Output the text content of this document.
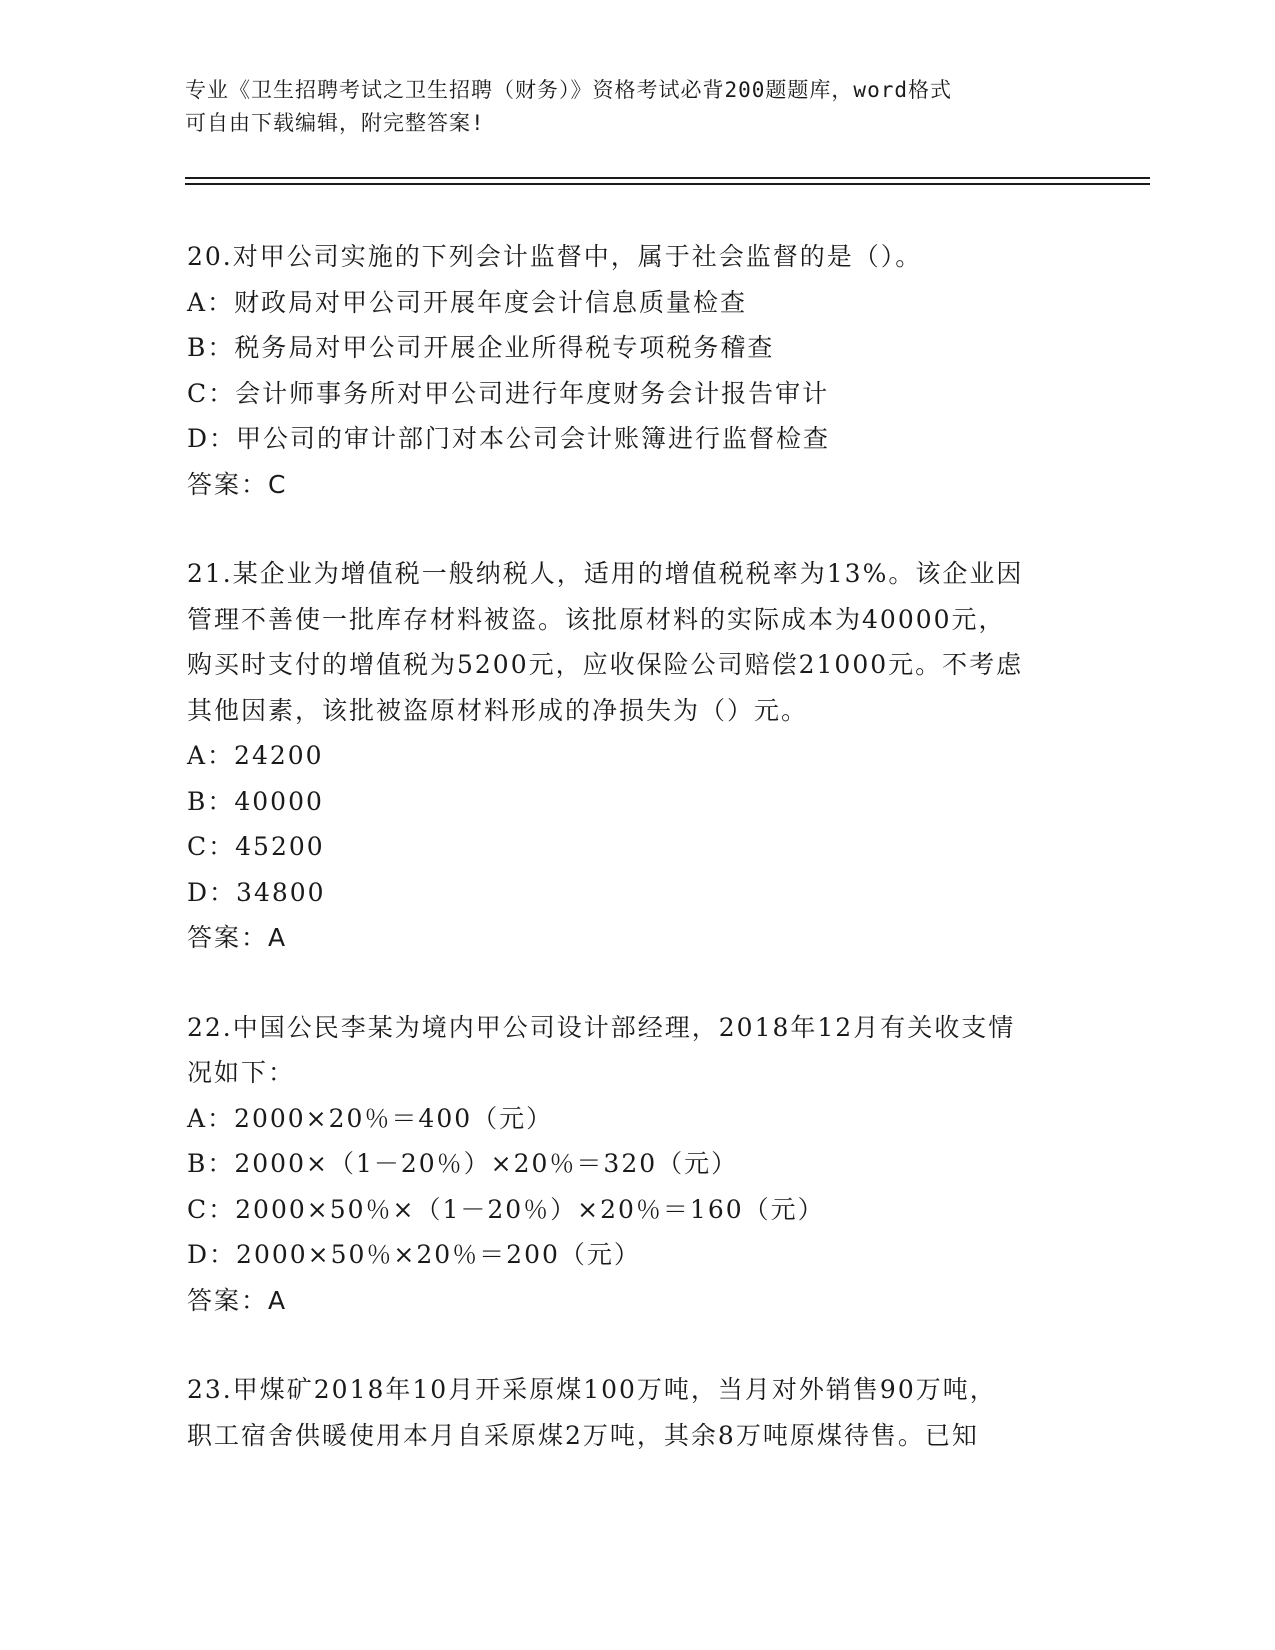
专业《卫生招聘考试之卫生招聘（财务）》资格考试必背200题题库，word格式
可自由下载编辑，附完整答案!
20.对甲公司实施的下列会计监督中，属于社会监督的是（）。
A：财政局对甲公司开展年度会计信息质量检查
B：税务局对甲公司开展企业所得税专项税务稽查
C：会计师事务所对甲公司进行年度财务会计报告审计
D：甲公司的审计部门对本公司会计账簿进行监督检查
答案：C
21.某企业为增值税一般纳税人，适用的增值税税率为13%。该企业因
管理不善使一批库存材料被盗。该批原材料的实际成本为40000元，
购买时支付的增值税为5200元，应收保险公司赔偿21000元。不考虑
其他因素，该批被盗原材料形成的净损失为（）元。
A：24200
B：40000
C：45200
D：34800
答案：A
22.中国公民李某为境内甲公司设计部经理，2018年12月有关收支情
况如下：
A：2000×20％＝400（元）
B：2000×（1－20％）×20％＝320（元）
C：2000×50％×（1－20％）×20％＝160（元）
D：2000×50％×20％＝200（元）
答案：A
23.甲煤矿2018年10月开采原煤100万吨，当月对外销售90万吨，
职工宿舍供暖使用本月自采原煤2万吨，其余8万吨原煤待售。已知
